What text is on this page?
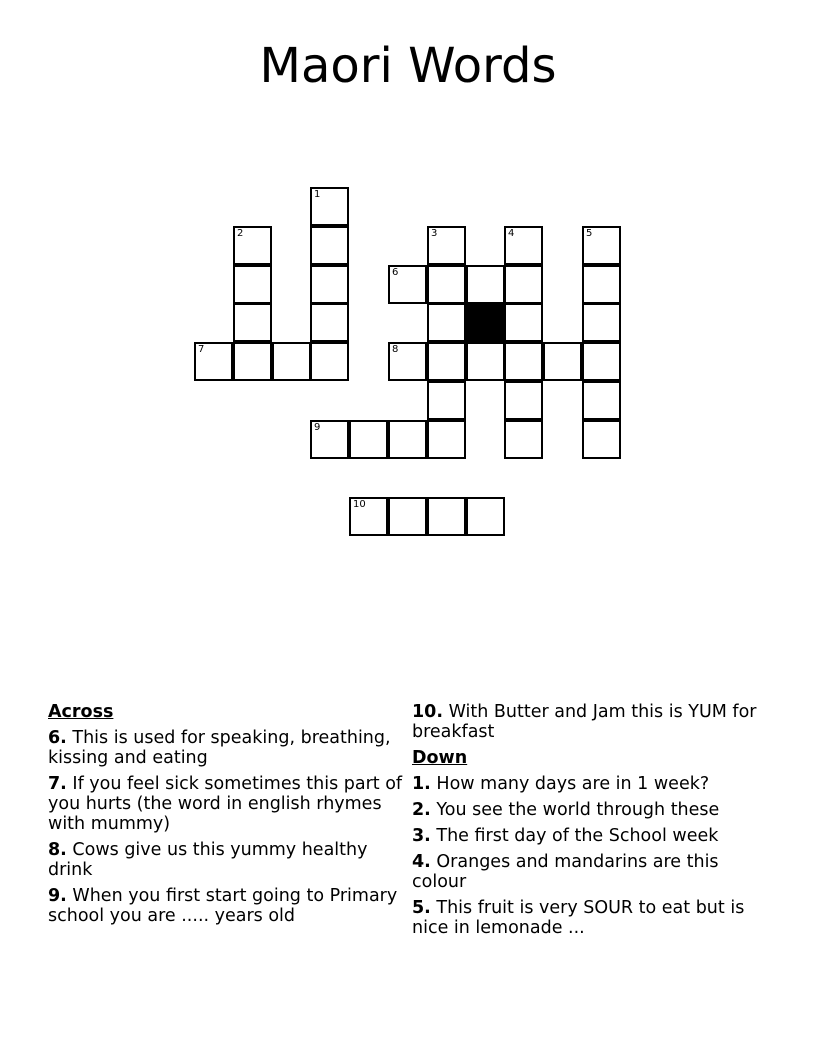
Maori Words
1
2	3	4	5
6
7	8
9
10
Across
6. This is used for speaking, breathing, kissing and eating
7. If you feel sick sometimes this part of you hurts (the word in english rhymes with mummy)
8. Cows give us this yummy healthy drink
9. When you first start going to Primary school you are ..... years old
10. With Butter and Jam this is YUM for breakfast
Down
1. How many days are in 1 week?
2. You see the world through these
3. The first day of the School week
4. Oranges and mandarins are this colour
5. This fruit is very SOUR to eat but is nice in lemonade ...
